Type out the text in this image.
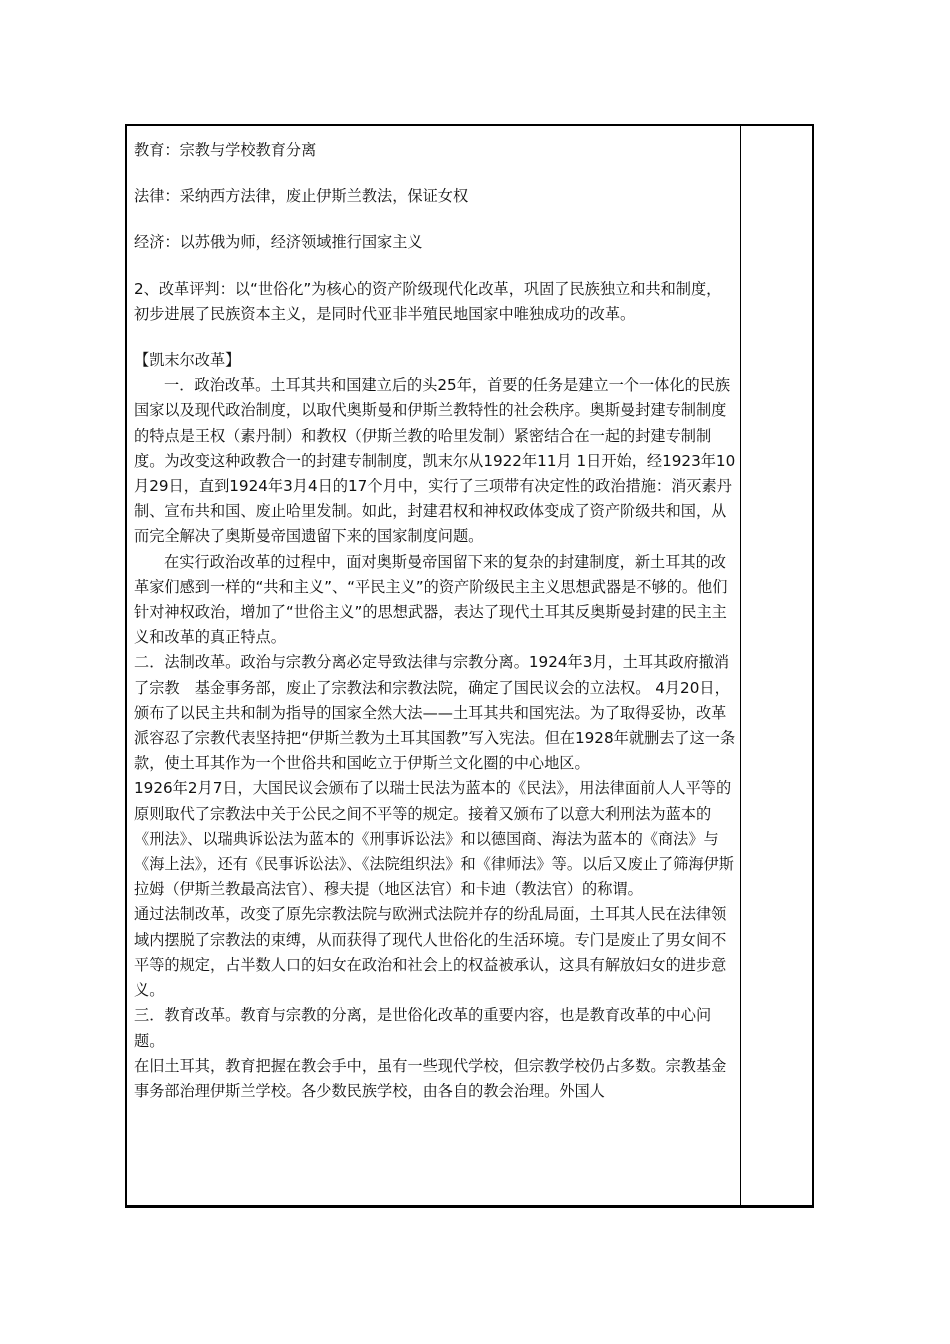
教育：宗教与学校教育分离

法律：采纳西方法律，废止伊斯兰教法，保证女权

经济：以苏俄为师，经济领域推行国家主义

2、改革评判：以“世俗化”为核心的资产阶级现代化改革，巩固了民族独立和共和制度，初步进展了民族资本主义，是同时代亚非半殖民地国家中唯独成功的改革。

【凯末尔改革】

一．政治改革。土耳其共和国建立后的头25年，首要的任务是建立一个一体化的民族国家以及现代政治制度，以取代奥斯曼和伊斯兰教特性的社会秩序。奥斯曼封建专制制度的特点是王权（素丹制）和教权（伊斯兰教的哈里发制）紧密结合在一起的封建专制制度。为改变这种政教合一的封建专制制度，凯末尔从1922年11月 1日开始，经1923年10月29日，直到1924年3月4日的17个月中，实行了三项带有决定性的政治措施：消灭素丹制、宣布共和国、废止哈里发制。如此，封建君权和神权政体变成了资产阶级共和国，从而完全解决了奥斯曼帝国遗留下来的国家制度问题。

在实行政治改革的过程中，面对奥斯曼帝国留下来的复杂的封建制度，新土耳其的改革家们感到一样的“共和主义”、“平民主义”的资产阶级民主主义思想武器是不够的。他们针对神权政治，增加了“世俗主义”的思想武器，表达了现代土耳其反奥斯曼封建的民主主义和改革的真正特点。

二．法制改革。政治与宗教分离必定导致法律与宗教分离。1924年3月，土耳其政府撤消了宗教　基金事务部，废止了宗教法和宗教法院，确定了国民议会的立法权。 4月20日，颁布了以民主共和制为指导的国家全然大法——土耳其共和国宪法。为了取得妥协，改革派容忍了宗教代表坚持把“伊斯兰教为土耳其国教”写入宪法。但在1928年就删去了这一条款，使土耳其作为一个世俗共和国屹立于伊斯兰文化圈的中心地区。

1926年2月7日，大国民议会颁布了以瑞士民法为蓝本的《民法》，用法律面前人人平等的原则取代了宗教法中关于公民之间不平等的规定。接着又颁布了以意大利刑法为蓝本的《刑法》、以瑞典诉讼法为蓝本的《刑事诉讼法》和以德国商、海法为蓝本的《商法》与《海上法》，还有《民事诉讼法》、《法院组织法》和《律师法》等。以后又废止了筛海伊斯拉姆（伊斯兰教最高法官）、穆夫提（地区法官）和卡迪（教法官）的称谓。

通过法制改革，改变了原先宗教法院与欧洲式法院并存的纷乱局面，土耳其人民在法律领域内摆脱了宗教法的束缚，从而获得了现代人世俗化的生活环境。专门是废止了男女间不平等的规定，占半数人口的妇女在政治和社会上的权益被承认，这具有解放妇女的进步意义。

三．教育改革。教育与宗教的分离，是世俗化改革的重要内容，也是教育改革的中心问题。

在旧土耳其，教育把握在教会手中，虽有一些现代学校，但宗教学校仍占多数。宗教基金事务部治理伊斯兰学校。各少数民族学校，由各自的教会治理。外国人
